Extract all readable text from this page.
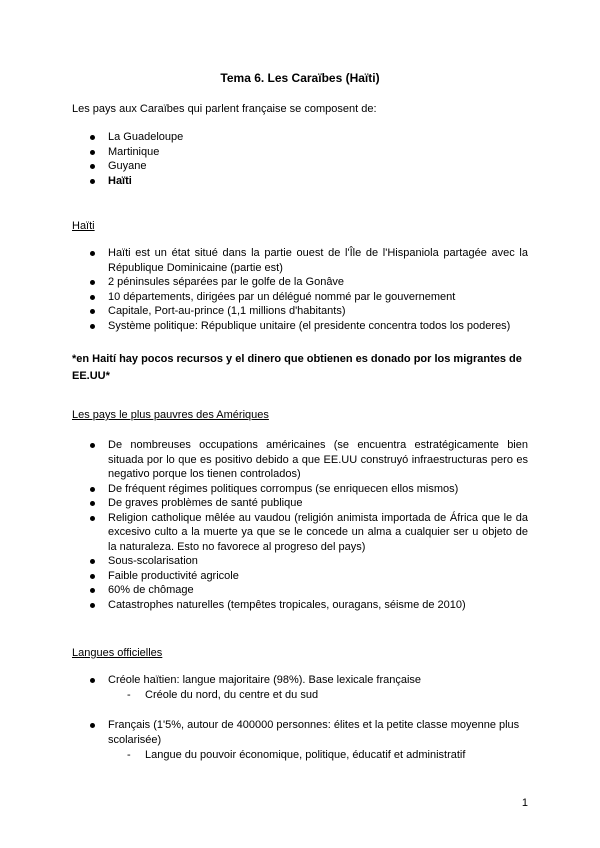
Tema 6. Les Caraïbes (Haïti)
Les pays aux Caraïbes qui parlent française se composent de:
La Guadeloupe
Martinique
Guyane
Haïti
Haïti
Haïti est un état situé dans la partie ouest de l'Île de l'Hispaniola partagée avec la République Dominicaine (partie est)
2 péninsules séparées par le golfe de la Gonâve
10 départements, dirigées par un délégué nommé par le gouvernement
Capitale, Port-au-prince (1,1 millions d'habitants)
Système politique: République unitaire (el presidente concentra todos los poderes)
*en Haití hay pocos recursos y el dinero que obtienen es donado por los migrantes de EE.UU*
Les pays le plus pauvres des Amériques
De nombreuses occupations américaines (se encuentra estratégicamente bien situada por lo que es positivo debido a que EE.UU construyó infraestructuras pero es negativo porque los tienen controlados)
De fréquent régimes politiques corrompus (se enriquecen ellos mismos)
De graves problèmes de santé publique
Religion catholique mêlée au vaudou (religión animista importada de África que le da excesivo culto a la muerte ya que se le concede un alma a cualquier ser u objeto de la naturaleza. Esto no favorece al progreso del pays)
Sous-scolarisation
Faible productivité agricole
60% de chômage
Catastrophes naturelles (tempêtes tropicales, ouragans, séisme de 2010)
Langues officielles
Créole haïtien: langue majoritaire (98%). Base lexicale française
- Créole du nord, du centre et du sud
Français (1'5%, autour de 400000 personnes: élites et la petite classe moyenne plus scolarisée)
- Langue du pouvoir économique, politique, éducatif et administratif
1
